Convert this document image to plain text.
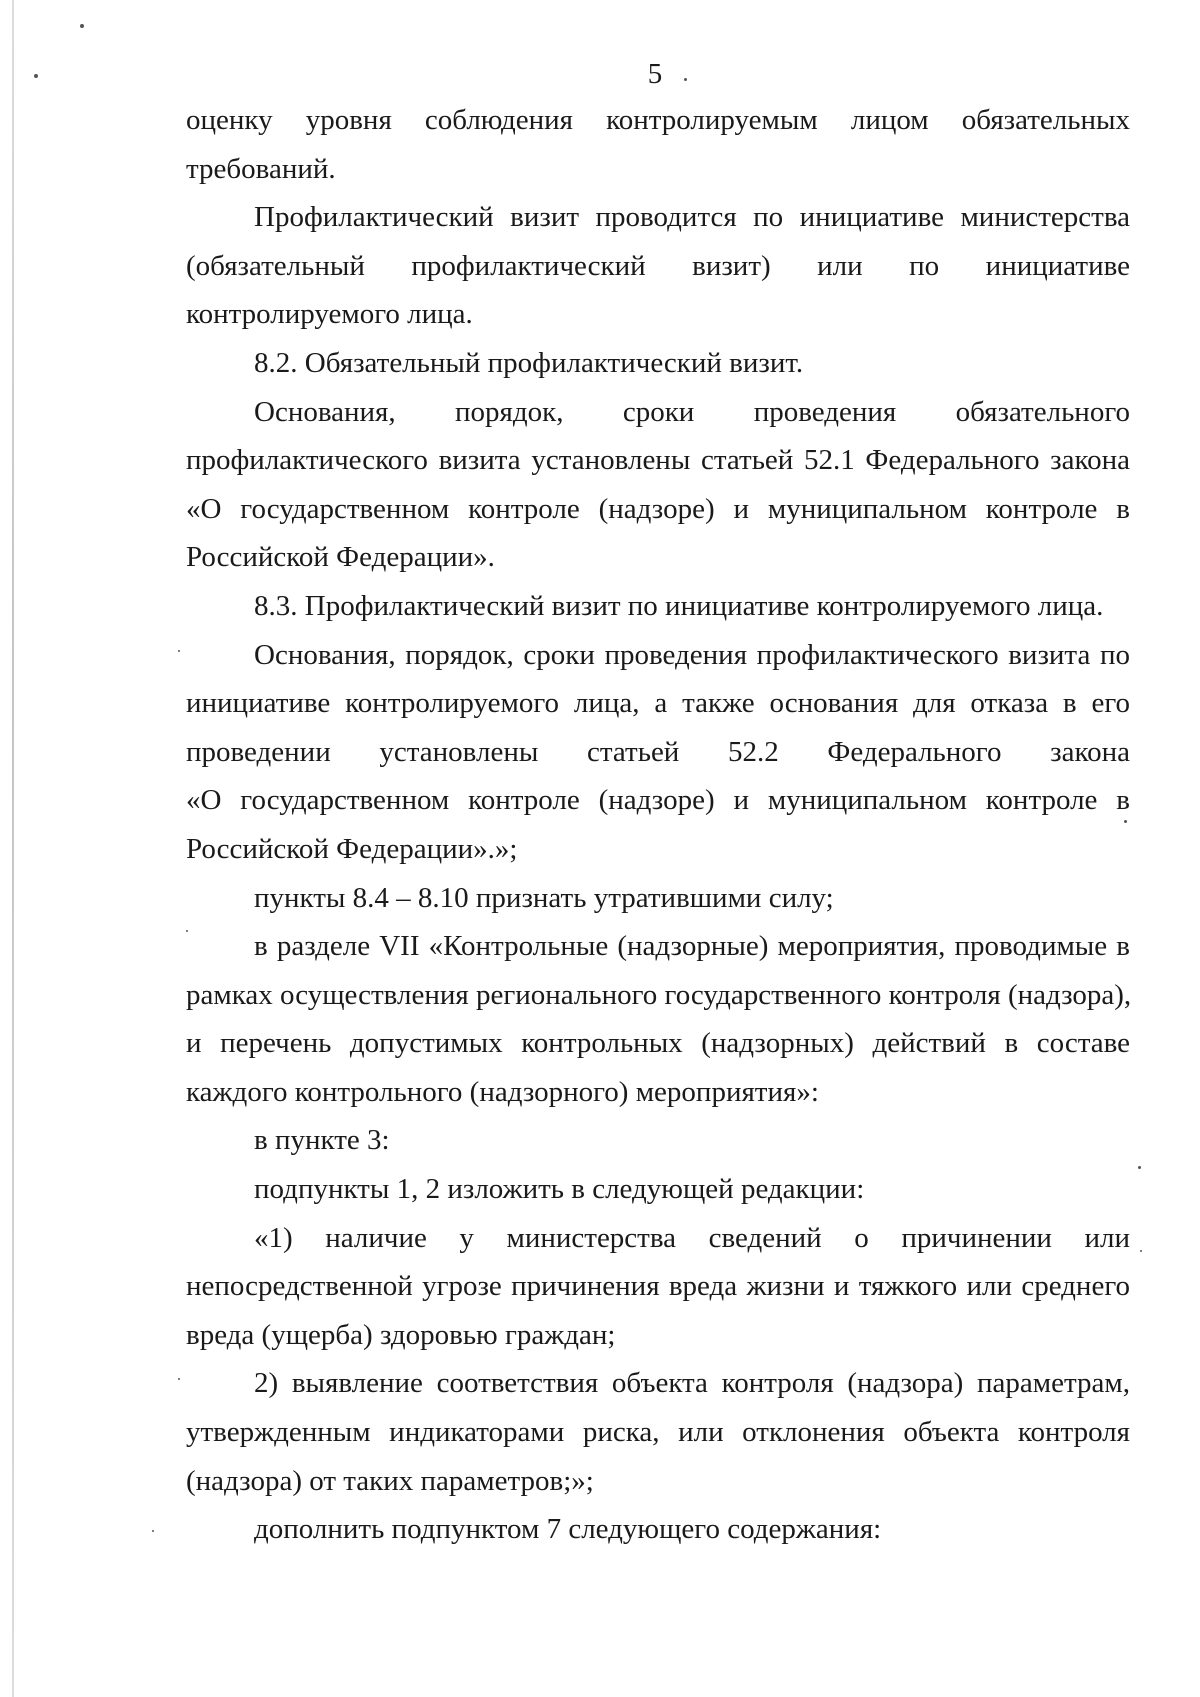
5
оценку уровня соблюдения контролируемым лицом обязательных
требований.
Профилактический визит проводится по инициативе министерства
(обязательный профилактический визит) или по инициативе
контролируемого лица.
8.2. Обязательный профилактический визит.
Основания, порядок, сроки проведения обязательного
профилактического визита установлены статьей 52.1 Федерального закона
«О государственном контроле (надзоре) и муниципальном контроле в
Российской Федерации».
8.3. Профилактический визит по инициативе контролируемого лица.
Основания, порядок, сроки проведения профилактического визита по
инициативе контролируемого лица, а также основания для отказа в его
проведении установлены статьей 52.2 Федерального закона
«О государственном контроле (надзоре) и муниципальном контроле в
Российской Федерации».»;
пункты 8.4 – 8.10 признать утратившими силу;
в разделе VII «Контрольные (надзорные) мероприятия, проводимые в
рамках осуществления регионального государственного контроля (надзора),
и перечень допустимых контрольных (надзорных) действий в составе
каждого контрольного (надзорного) мероприятия»:
в пункте 3:
подпункты 1, 2 изложить в следующей редакции:
«1) наличие у министерства сведений о причинении или
непосредственной угрозе причинения вреда жизни и тяжкого или среднего
вреда (ущерба) здоровью граждан;
2) выявление соответствия объекта контроля (надзора) параметрам,
утвержденным индикаторами риска, или отклонения объекта контроля
(надзора) от таких параметров;»;
дополнить подпунктом 7 следующего содержания:
